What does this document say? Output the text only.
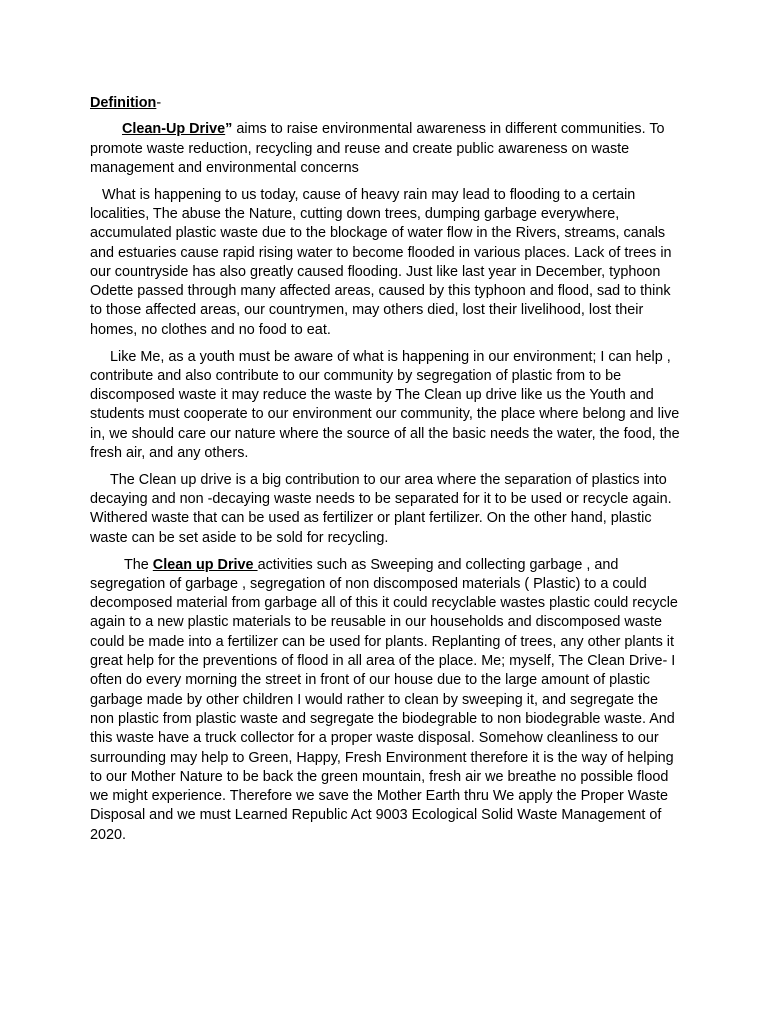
Definition-

Clean-Up Drive” aims to raise environmental awareness in different communities. To promote waste reduction, recycling and reuse and create public awareness on waste management and environmental concerns

What is happening to us today, cause of heavy rain may lead to flooding to a certain localities, The abuse the Nature, cutting down trees, dumping garbage everywhere, accumulated plastic waste due to the blockage of water flow in the Rivers, streams, canals and estuaries cause rapid rising water to become flooded in various places. Lack of trees in our countryside has also greatly caused flooding. Just like last year in December, typhoon Odette passed through many affected areas, caused by this typhoon and flood, sad to think to those affected areas, our countrymen, may others died, lost their livelihood, lost their homes, no clothes and no food to eat.

Like Me, as a youth must be aware of what is happening in our environment; I can help , contribute and also contribute to our community by segregation of plastic from to be discomposed waste it may reduce the waste by The Clean up drive like us the Youth and students must cooperate to our environment our community, the place where belong and live in, we should care our nature where the source of all the basic needs the water, the food, the fresh air, and any others.

The Clean up drive is a big contribution to our area where the separation of plastics into decaying and non -decaying waste needs to be separated for it to be used or recycle again. Withered waste that can be used as fertilizer or plant fertilizer. On the other hand, plastic waste can be set aside to be sold for recycling.

The Clean up Drive activities such as Sweeping and collecting garbage , and segregation of garbage , segregation of non discomposed materials ( Plastic) to a could decomposed material from garbage all of this it could recyclable wastes plastic could recycle again to a new plastic materials to be reusable in our households and discomposed waste could be made into a fertilizer can be used for plants. Replanting of trees, any other plants it great help for the preventions of flood in all area of the place. Me; myself, The Clean Drive- I often do every morning the street in front of our house due to the large amount of plastic garbage made by other children I would rather to clean by sweeping it, and segregate the non plastic from plastic waste and segregate the biodegrable to non biodegrable waste. And this waste have a truck collector for a proper waste disposal. Somehow cleanliness to our surrounding may help to Green, Happy, Fresh Environment therefore it is the way of helping to our Mother Nature to be back the green mountain, fresh air we breathe no possible flood we might experience. Therefore we save the Mother Earth thru We apply the Proper Waste Disposal and we must Learned Republic Act 9003 Ecological Solid Waste Management of 2020.
